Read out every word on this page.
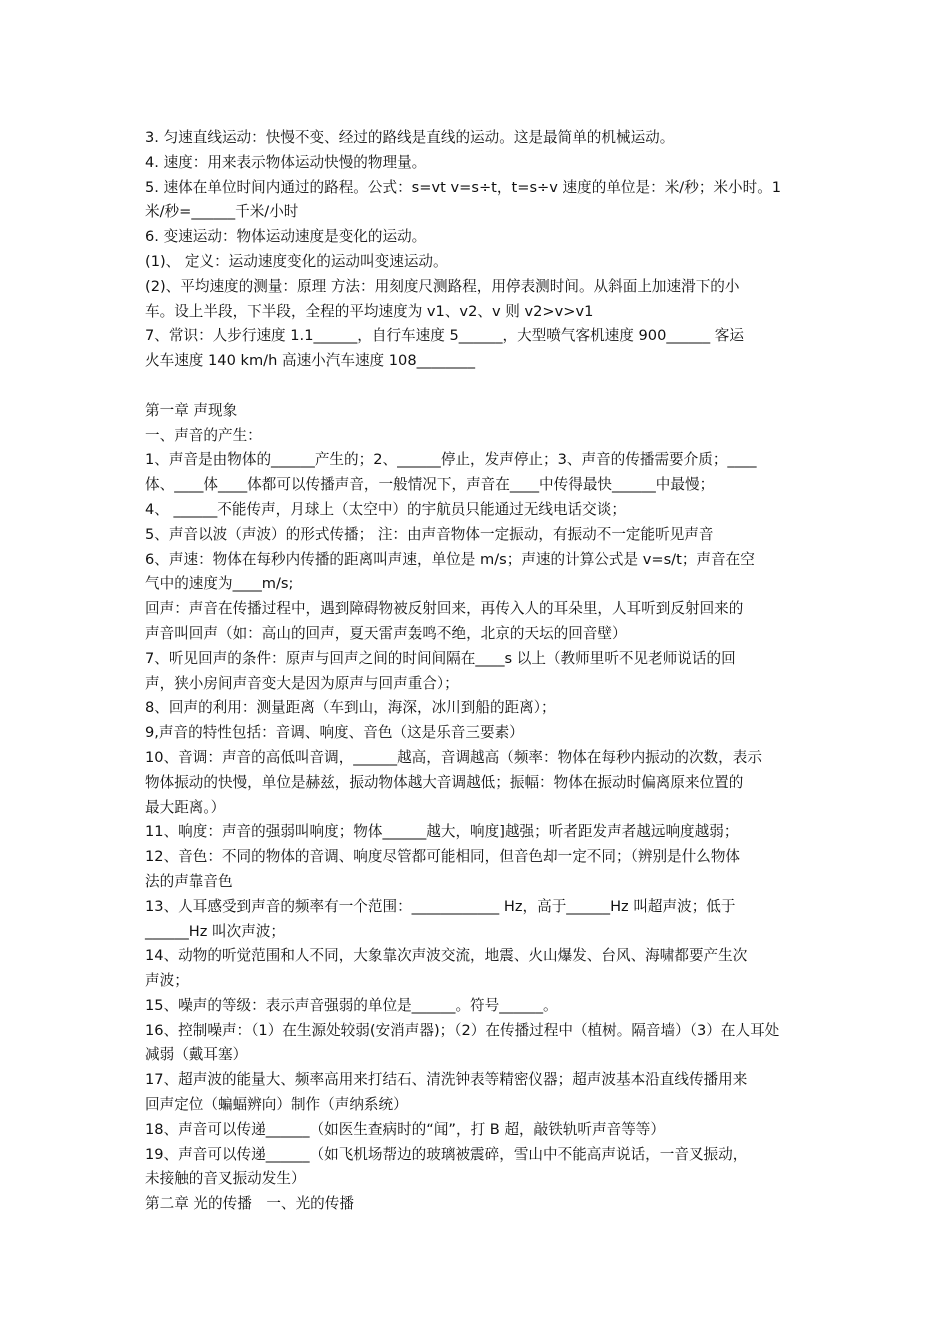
3. 匀速直线运动：快慢不变、经过的路线是直线的运动。这是最简单的机械运动。
4. 速度：用来表示物体运动快慢的物理量。
5. 速体在单位时间内通过的路程。公式：s=vt v=s÷t，t=s÷v 速度的单位是：米/秒；米小时。1
米/秒=______千米/小时
6. 变速运动：物体运动速度是变化的运动。
(1)、 定义：运动速度变化的运动叫变速运动。
(2)、平均速度的测量：原理 方法：用刻度尺测路程，用停表测时间。从斜面上加速滑下的小
车。设上半段，下半段，全程的平均速度为 v1、v2、v 则 v2>v>v1
7、常识：人步行速度 1.1______，自行车速度 5______，大型喷气客机速度 900______ 客运
火车速度 140 km/h 高速小汽车速度 108________
第一章 声现象
一、声音的产生：
1、声音是由物体的______产生的；2、______停止，发声停止；3、声音的传播需要介质；____
体、____体____体都可以传播声音，一般情况下，声音在____中传得最快______中最慢；
4、 ______不能传声，月球上（太空中）的宇航员只能通过无线电话交谈；
5、声音以波（声波）的形式传播； 注：由声音物体一定振动，有振动不一定能听见声音
6、声速：物体在每秒内传播的距离叫声速，单位是 m/s；声速的计算公式是 v=s/t；声音在空
气中的速度为____m/s;
回声：声音在传播过程中，遇到障碍物被反射回来，再传入人的耳朵里，人耳听到反射回来的
声音叫回声（如：高山的回声，夏天雷声轰鸣不绝，北京的天坛的回音壁）
7、听见回声的条件：原声与回声之间的时间间隔在____s 以上（教师里听不见老师说话的回
声，狭小房间声音变大是因为原声与回声重合）；
8、回声的利用：测量距离（车到山，海深，冰川到船的距离）；
9,声音的特性包括：音调、响度、音色（这是乐音三要素）
10、音调：声音的高低叫音调，______越高，音调越高（频率：物体在每秒内振动的次数，表示
物体振动的快慢，单位是赫兹，振动物体越大音调越低；振幅：物体在振动时偏离原来位置的
最大距离。）
11、响度：声音的强弱叫响度；物体______越大，响度]越强；听者距发声者越远响度越弱；
12、音色：不同的物体的音调、响度尽管都可能相同，但音色却一定不同；（辨别是什么物体
法的声靠音色
13、人耳感受到声音的频率有一个范围：____________ Hz，高于______Hz 叫超声波；低于
______Hz 叫次声波；
14、动物的听觉范围和人不同，大象靠次声波交流，地震、火山爆发、台风、海啸都要产生次
声波；
15、噪声的等级：表示声音强弱的单位是______。符号______。
16、控制噪声：（1）在生源处较弱(安消声器)；（2）在传播过程中（植树。隔音墙）（3）在人耳处
减弱（戴耳塞）
17、超声波的能量大、频率高用来打结石、清洗钟表等精密仪器；超声波基本沿直线传播用来
回声定位（蝙蝠辨向）制作（声纳系统）
18、声音可以传递______（如医生查病时的“闻”，打 B 超，敲铁轨听声音等等）
19、声音可以传递______（如飞机场帮边的玻璃被震碎，雪山中不能高声说话，一音叉振动，
未接触的音叉振动发生）
第二章 光的传播　一、光的传播
